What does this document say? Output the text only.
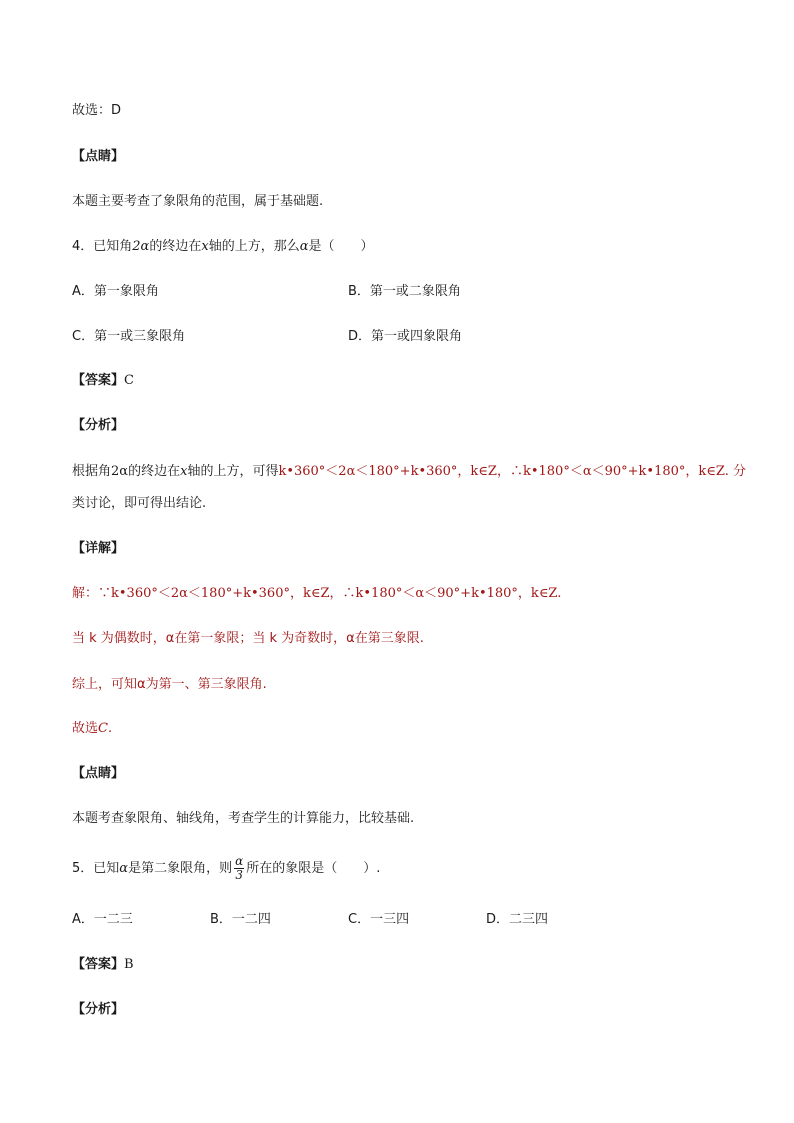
故选：D
【点睛】
本题主要考查了象限角的范围，属于基础题.
4．已知角2α的终边在x轴的上方，那么α是（　　）
A．第一象限角	B．第一或二象限角
C．第一或三象限角	D．第一或四象限角
【答案】C
【分析】
根据角2α的终边在x轴的上方，可得k•360°＜2α＜180°+k•360°，k∈Z，∴k•180°＜α＜90°+k•180°，k∈Z. 分
类讨论，即可得出结论.
【详解】
解：∵k•360°＜2α＜180°+k•360°，k∈Z，∴k•180°＜α＜90°+k•180°，k∈Z.
当 k 为偶数时，α在第一象限；当 k 为奇数时，α在第三象限.
综上，可知α为第一、第三象限角.
故选C.
【点睛】
本题考查象限角、轴线角，考查学生的计算能力，比较基础.
5．已知α是第二象限角，则 $\frac{\alpha}{3}$ 所在的象限是（　　）.
A．一二三	B．一二四	C．一三四	D．二三四
【答案】B
【分析】
